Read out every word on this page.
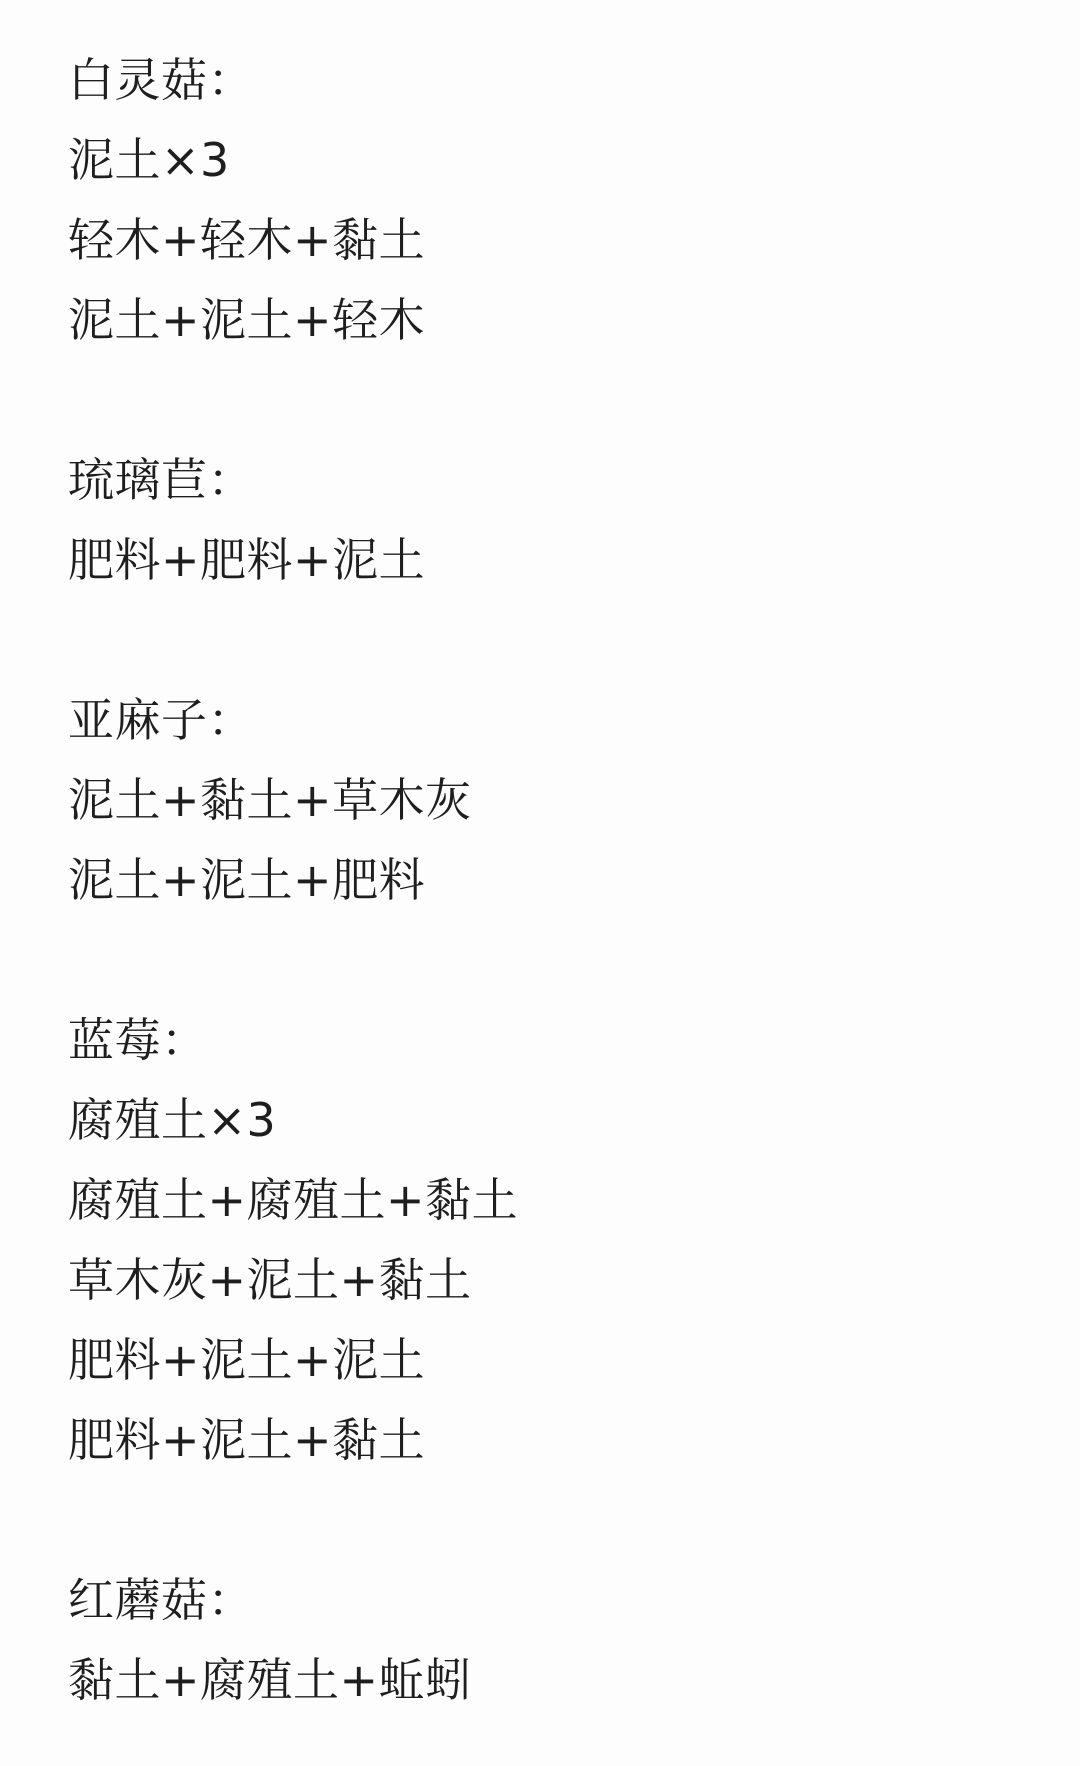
白灵菇：
泥土×3
轻木+轻木+黏土
泥土+泥土+轻木
琉璃苣：
肥料+肥料+泥土
亚麻子：
泥土+黏土+草木灰
泥土+泥土+肥料
蓝莓：
腐殖土×3
腐殖土+腐殖土+黏土
草木灰+泥土+黏土
肥料+泥土+泥土
肥料+泥土+黏土
红蘑菇：
黏土+腐殖土+蚯蚓
